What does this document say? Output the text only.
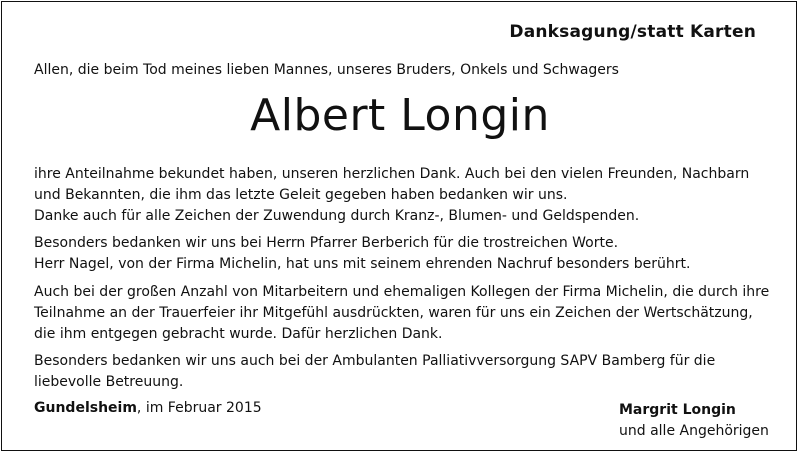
Danksagung/statt Karten
Allen, die beim Tod meines lieben Mannes, unseres Bruders, Onkels und Schwagers
Albert Longin
ihre Anteilnahme bekundet haben, unseren herzlichen Dank. Auch bei den vielen Freunden, Nachbarn
und Bekannten, die ihm das letzte Geleit gegeben haben bedanken wir uns.
Danke auch für alle Zeichen der Zuwendung durch Kranz-, Blumen- und Geldspenden.
Besonders bedanken wir uns bei Herrn Pfarrer Berberich für die trostreichen Worte.
Herr Nagel, von der Firma Michelin, hat uns mit seinem ehrenden Nachruf besonders berührt.
Auch bei der großen Anzahl von Mitarbeitern und ehemaligen Kollegen der Firma Michelin, die durch ihre
Teilnahme an der Trauerfeier ihr Mitgefühl ausdrückten, waren für uns ein Zeichen der Wertschätzung,
die ihm entgegen gebracht wurde. Dafür herzlichen Dank.
Besonders bedanken wir uns auch bei der Ambulanten Palliativversorgung SAPV Bamberg für die
liebevolle Betreuung.
Gundelsheim, im Februar 2015	Margrit Longin
und alle Angehörigen
